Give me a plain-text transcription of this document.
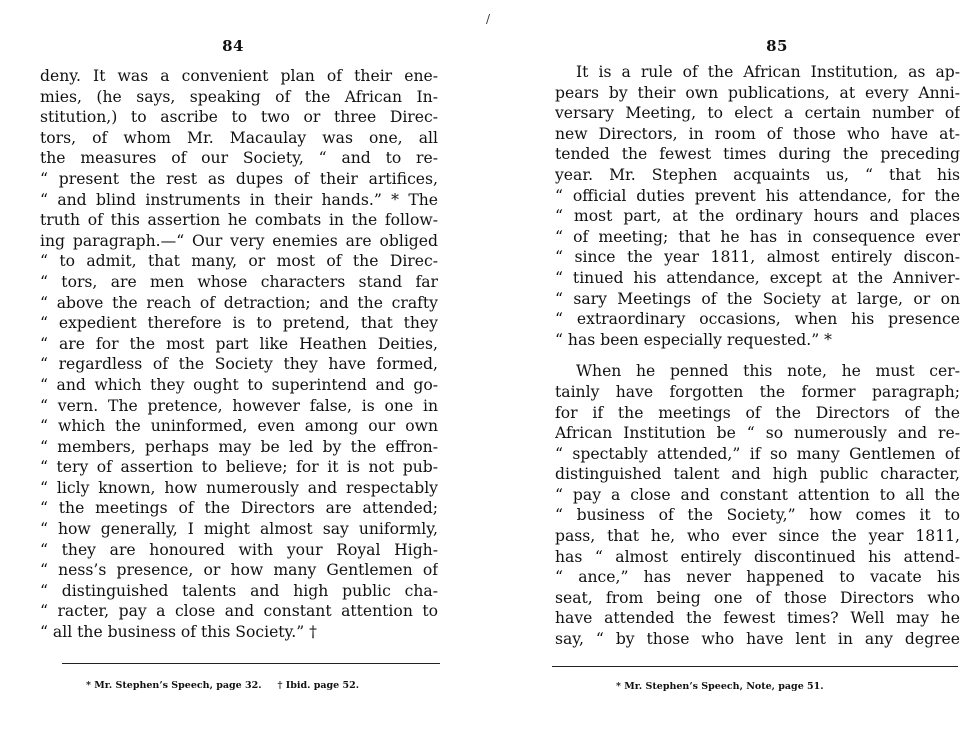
/
84
deny. It was a convenient plan of their ene-
mies, (he says, speaking of the African In-
stitution,) to ascribe to two or three Direc-
tors, of whom Mr. Macaulay was one, all
the measures of our Society, “ and to re-
“ present the rest as dupes of their artifices,
“ and blind instruments in their hands.” * The
truth of this assertion he combats in the follow-
ing paragraph.—“ Our very enemies are obliged
“ to admit, that many, or most of the Direc-
“ tors, are men whose characters stand far
“ above the reach of detraction; and the crafty
“ expedient therefore is to pretend, that they
“ are for the most part like Heathen Deities,
“ regardless of the Society they have formed,
“ and which they ought to superintend and go-
“ vern. The pretence, however false, is one in
“ which the uninformed, even among our own
“ members, perhaps may be led by the effron-
“ tery of assertion to believe; for it is not pub-
“ licly known, how numerously and respectably
“ the meetings of the Directors are attended;
“ how generally, I might almost say uniformly,
“ they are honoured with your Royal High-
“ ness’s presence, or how many Gentlemen of
“ distinguished talents and high public cha-
“ racter, pay a close and constant attention to
“ all the business of this Society.” †
* Mr. Stephen’s Speech, page 32. † Ibid. page 52.
85
It is a rule of the African Institution, as ap-
pears by their own publications, at every Anni-
versary Meeting, to elect a certain number of
new Directors, in room of those who have at-
tended the fewest times during the preceding
year. Mr. Stephen acquaints us, “ that his
“ official duties prevent his attendance, for the
“ most part, at the ordinary hours and places
“ of meeting; that he has in consequence ever
“ since the year 1811, almost entirely discon-
“ tinued his attendance, except at the Anniver-
“ sary Meetings of the Society at large, or on
“ extraordinary occasions, when his presence
“ has been especially requested.” *
When he penned this note, he must cer-
tainly have forgotten the former paragraph;
for if the meetings of the Directors of the
African Institution be “ so numerously and re-
“ spectably attended,” if so many Gentlemen of
distinguished talent and high public character,
“ pay a close and constant attention to all the
“ business of the Society,” how comes it to
pass, that he, who ever since the year 1811,
has “ almost entirely discontinued his attend-
“ ance,” has never happened to vacate his
seat, from being one of those Directors who
have attended the fewest times? Well may he
say, “ by those who have lent in any degree
* Mr. Stephen’s Speech, Note, page 51.
